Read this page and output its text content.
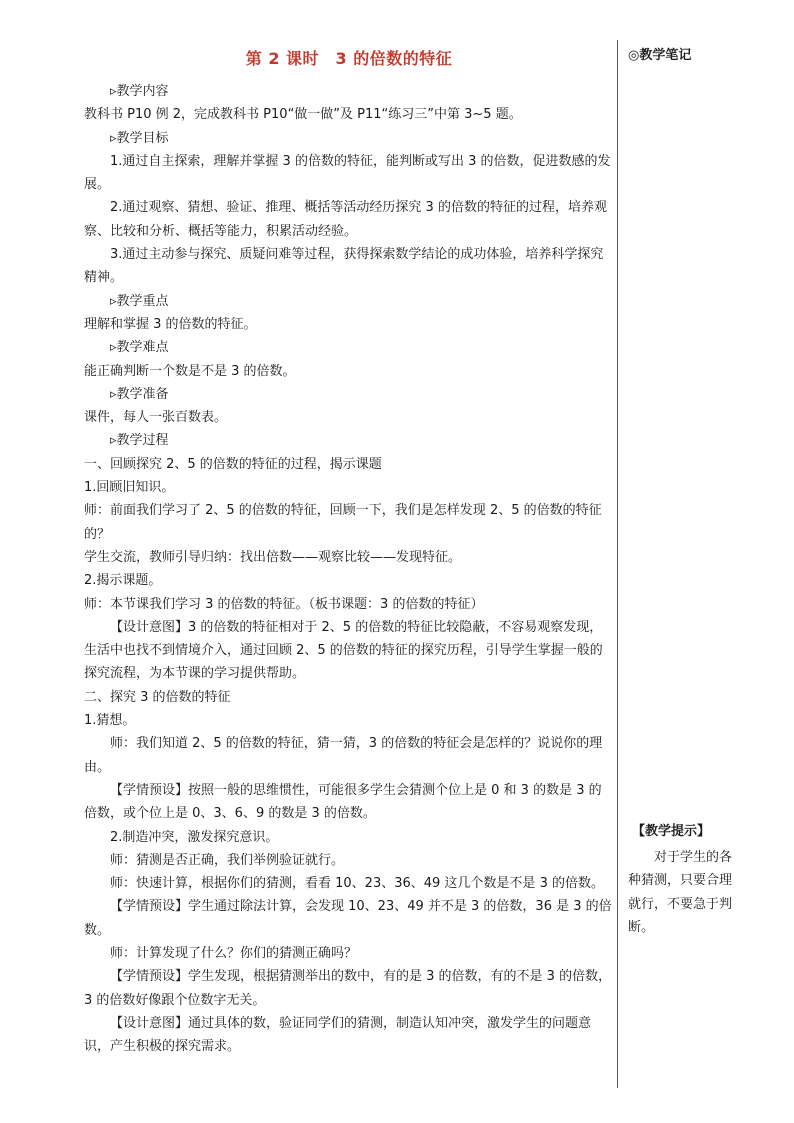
第 2 课时　3 的倍数的特征

▹教学内容

教科书 P10 例 2，完成教科书 P10“做一做”及 P11“练习三”中第 3~5 题。

▹教学目标

1.通过自主探索，理解并掌握 3 的倍数的特征，能判断或写出 3 的倍数，促进数感的发展。

2.通过观察、猜想、验证、推理、概括等活动经历探究 3 的倍数的特征的过程，培养观察、比较和分析、概括等能力，积累活动经验。

3.通过主动参与探究、质疑问难等过程，获得探索数学结论的成功体验，培养科学探究精神。

▹教学重点

理解和掌握 3 的倍数的特征。

▹教学难点

能正确判断一个数是不是 3 的倍数。

▹教学准备

课件，每人一张百数表。

▹教学过程

一、回顾探究 2、5 的倍数的特征的过程，揭示课题

1.回顾旧知识。

师：前面我们学习了 2、5 的倍数的特征，回顾一下，我们是怎样发现 2、5 的倍数的特征的？

学生交流，教师引导归纳：找出倍数——观察比较——发现特征。

2.揭示课题。

师：本节课我们学习 3 的倍数的特征。（板书课题：3 的倍数的特征）

【设计意图】3 的倍数的特征相对于 2、5 的倍数的特征比较隐蔽，不容易观察发现，生活中也找不到情境介入，通过回顾 2、5 的倍数的特征的探究历程，引导学生掌握一般的探究流程，为本节课的学习提供帮助。

二、探究 3 的倍数的特征

1.猜想。

师：我们知道 2、5 的倍数的特征，猜一猜，3 的倍数的特征会是怎样的？说说你的理由。

【学情预设】按照一般的思维惯性，可能很多学生会猜测个位上是 0 和 3 的数是 3 的倍数，或个位上是 0、3、6、9 的数是 3 的倍数。

2.制造冲突，激发探究意识。

师：猜测是否正确，我们举例验证就行。

师：快速计算，根据你们的猜测，看看 10、23、36、49 这几个数是不是 3 的倍数。

【学情预设】学生通过除法计算，会发现 10、23、49 并不是 3 的倍数，36 是 3 的倍数。

师：计算发现了什么？你们的猜测正确吗？

【学情预设】学生发现，根据猜测举出的数中，有的是 3 的倍数，有的不是 3 的倍数，3 的倍数好像跟个位数字无关。

【设计意图】通过具体的数，验证同学们的猜测，制造认知冲突，激发学生的问题意识，产生积极的探究需求。

◎教学笔记
【教学提示】
对于学生的各种猜测，只要合理就行，不要急于判断。
